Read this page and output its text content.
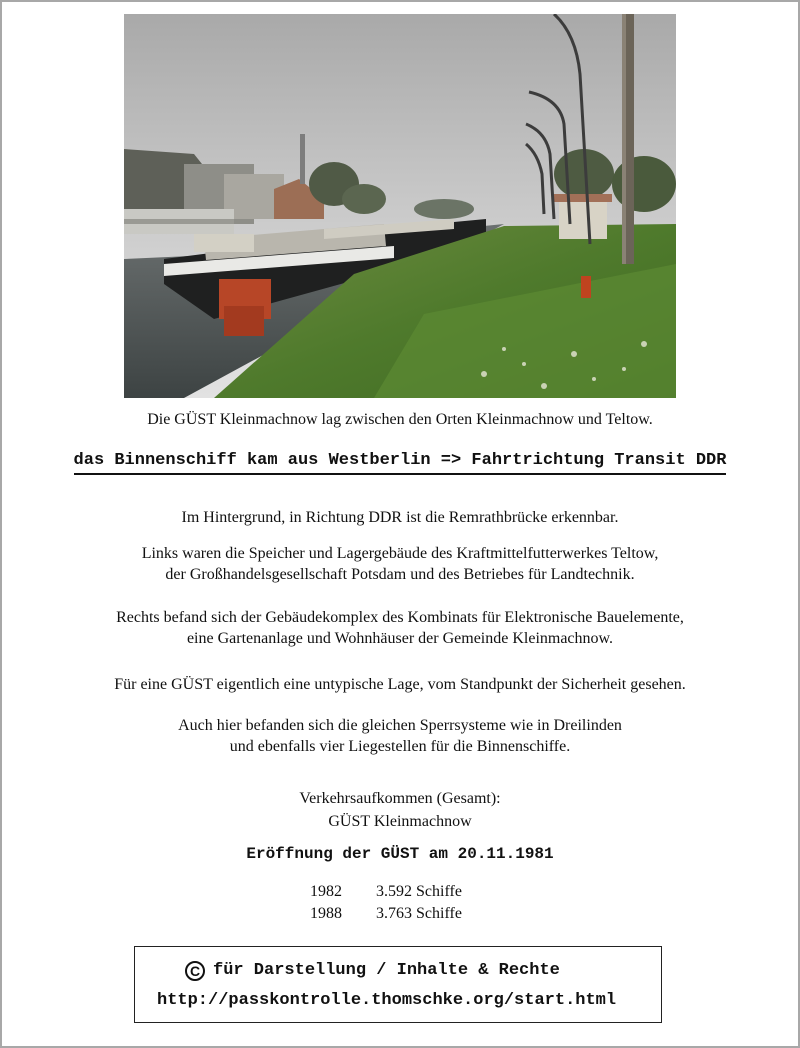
Die GÜST Kleinmachnow lag zwischen den Orten Kleinmachnow und Teltow.
das Binnenschiff kam aus Westberlin => Fahrtrichtung Transit DDR
Im Hintergrund, in Richtung DDR ist die Remrathbrücke erkennbar.
Links waren die Speicher und Lagergebäude des Kraftmittelfutterwerkes Teltow,
der Großhandelsgesellschaft Potsdam und des Betriebes für Landtechnik.
Rechts befand sich der Gebäudekomplex des Kombinats für Elektronische Bauelemente,
eine Gartenanlage und Wohnhäuser der Gemeinde Kleinmachnow.
Für eine GÜST eigentlich eine untypische Lage, vom Standpunkt der Sicherheit gesehen.
Auch hier befanden sich die gleichen Sperrsysteme wie in Dreilinden
und ebenfalls vier Liegestellen für die Binnenschiffe.
Verkehrsaufkommen (Gesamt):
GÜST Kleinmachnow
Eröffnung der GÜST am 20.11.1981
1982 3.592 Schiffe
1988 3.763 Schiffe
C für Darstellung / Inhalte & Rechte
http://passkontrolle.thomschke.org/start.html
